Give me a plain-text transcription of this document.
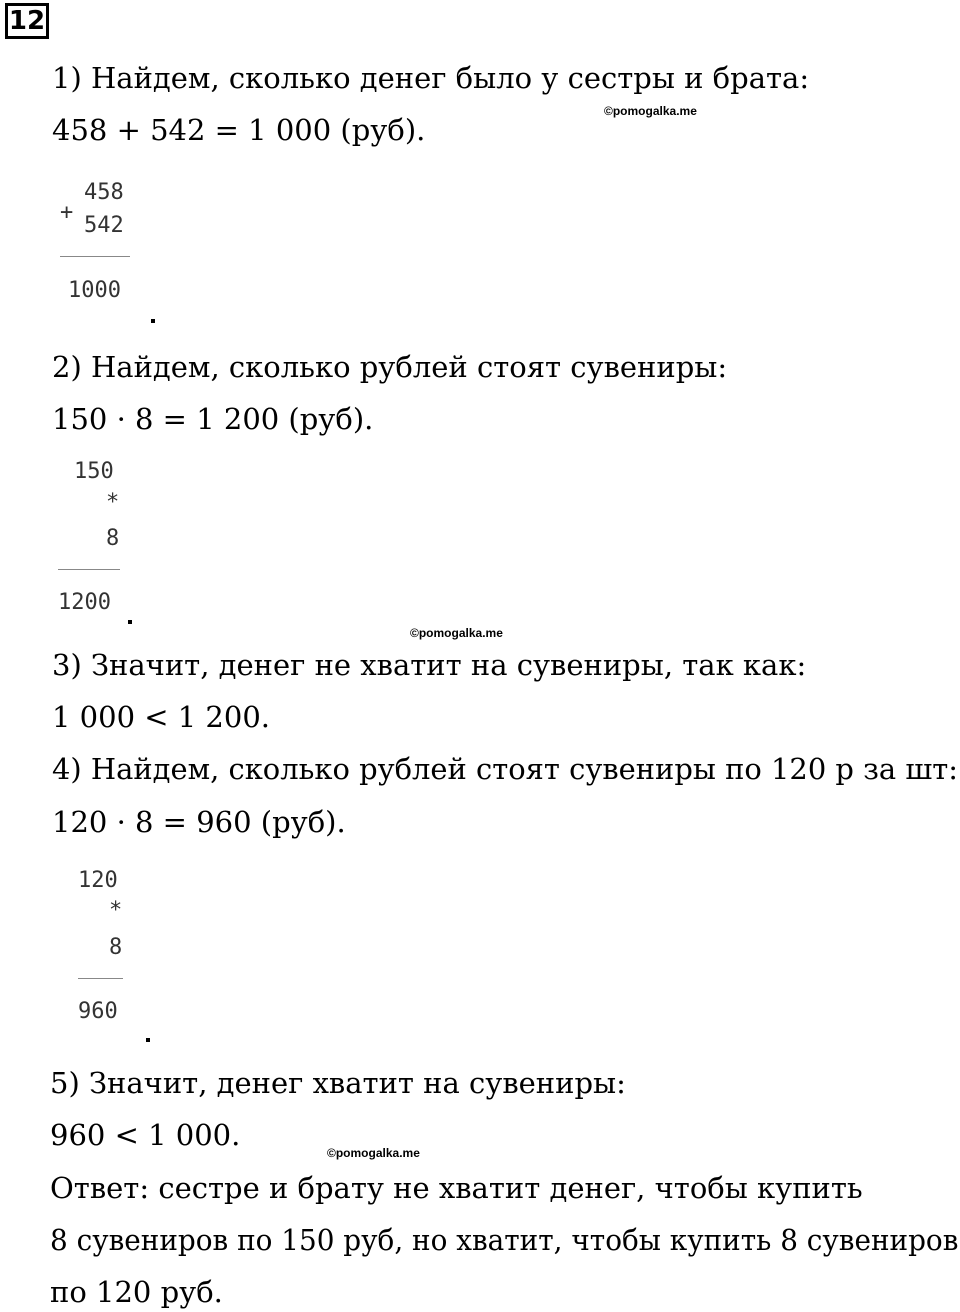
12
1) Найдем, сколько денег было у сестры и брата:
©pomogalka.me
458 + 542 = 1 000 (руб).
+
458
542
1000
2) Найдем, сколько рублей стоят сувениры:
150 · 8 = 1 200 (руб).
150
*
8
1200
©pomogalka.me
3) Значит, денег не хватит на сувениры, так как:
1 000 < 1 200.
4) Найдем, сколько рублей стоят сувениры по 120 р за шт:
120 · 8 = 960 (руб).
120
*
8
960
5) Значит, денег хватит на сувениры:
960 < 1 000.
©pomogalka.me
Ответ: сестре и брату не хватит денег, чтобы купить
8 сувениров по 150 руб, но хватит, чтобы купить 8 сувениров
по 120 руб.
